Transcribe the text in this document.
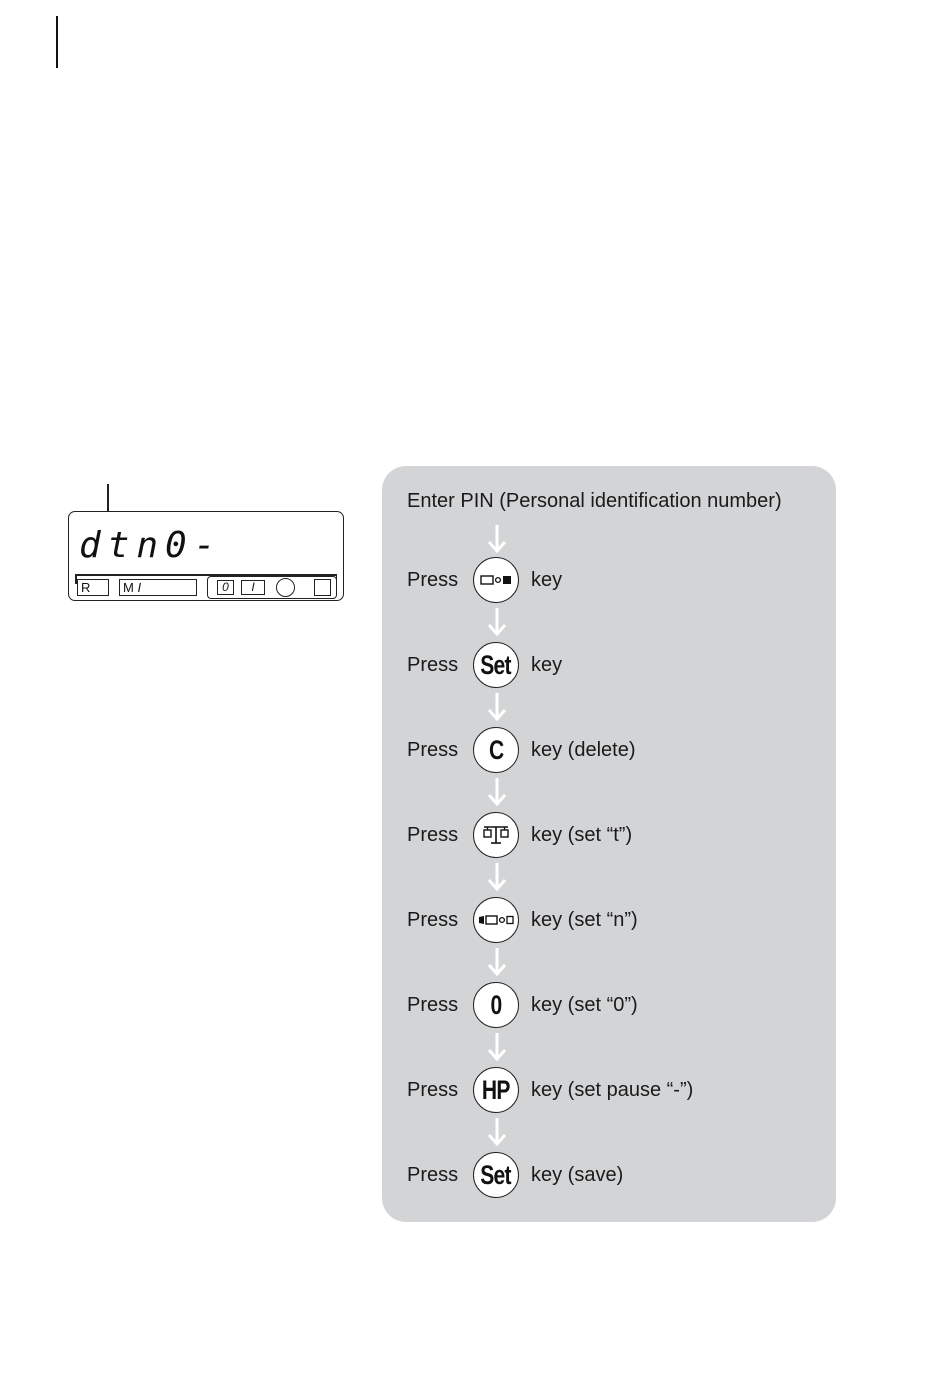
dtn0-
R	M I	0	I
Enter PIN (Personal identification number)
Press	key
Press Set key
Press C key (delete)
Press	key (set “t”)
Press	key (set “n”)
Press 0 key (set “0”)
Press HP key (set pause “-”)
Press Set key (save)
